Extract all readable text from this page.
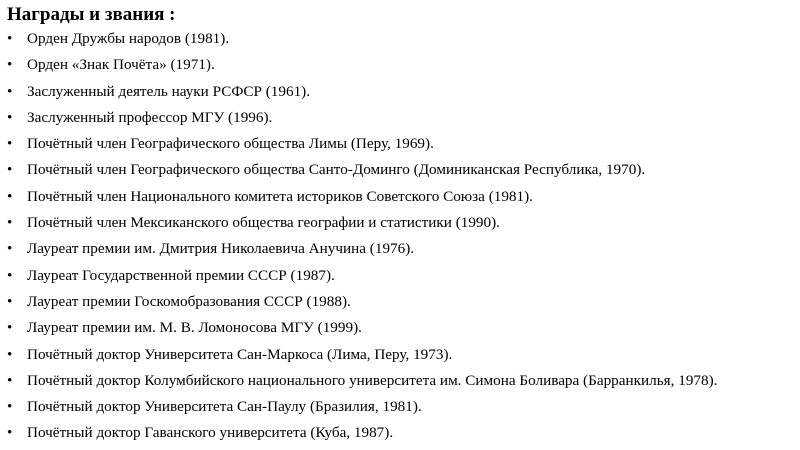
Награды и звания :
• Орден Дружбы народов (1981).
• Орден «Знак Почёта» (1971).
• Заслуженный деятель науки РСФСР (1961).
• Заслуженный профессор МГУ (1996).
• Почётный член Географического общества Лимы (Перу, 1969).
• Почётный член Географического общества Санто-Доминго (Доминиканская Республика, 1970).
• Почётный член Национального комитета историков Советского Союза (1981).
• Почётный член Мексиканского общества географии и статистики (1990).
• Лауреат премии им. Дмитрия Николаевича Анучина (1976).
• Лауреат Государственной премии СССР (1987).
• Лауреат премии Госкомобразования СССР (1988).
• Лауреат премии им. М. В. Ломоносова МГУ (1999).
• Почётный доктор Университета Сан-Маркоса (Лима, Перу, 1973).
• Почётный доктор Колумбийского национального университета им. Симона Боливара (Барранкилья, 1978).
• Почётный доктор Университета Сан-Паулу (Бразилия, 1981).
• Почётный доктор Гаванского университета (Куба, 1987).
